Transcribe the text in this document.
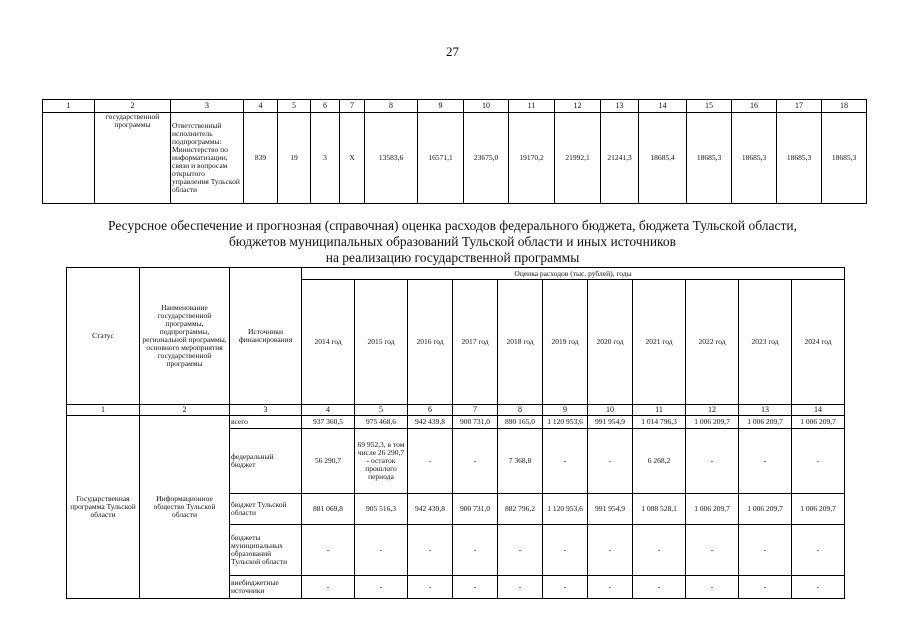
27
1	2	3	4	5	6	7	8	9	10	11	12	13	14	15	16	17	18
	государственной программы	Ответственный исполнитель подпрограммы: Министерство по информатизации, связи и вопросам открытого управления Тульской области	839	19	3	Х	13583,6	16571,1	23675,0	19170,2	21992,1	21241,3	18685,4	18685,3	18685,3	18685,3	18685,3
Ресурсное обеспечение и прогнозная (справочная) оценка расходов федерального бюджета, бюджета Тульской области,
бюджетов муниципальных образований Тульской области и иных источников
на реализацию государственной программы
Статус	Наименование государственной программы, подпрограммы, региональной программы, основного мероприятия государственной программы	Источники финансирования	Оценка расходов (тыс. рублей), годы										
			2014 год	2015 год	2016 год	2017 год	2018 год	2019 год	2020 год	2021 год	2022 год	2023 год	2024 год
1	2	3	4	5	6	7	8	9	10	11	12	13	14
Государственная программа Тульской области	Информационное общество Тульской области	всего	937 360,5	975 468,6	942 439,8	900 731,0	890 165,0	1 120 953,6	991 954,9	1 014 796,3	1 006 209,7	1 006 209,7	1 006 209,7
		федеральный бюджет	56 290,7	69 952,3, в том числе 26 290,7 - остаток прошлого периода	-	-	7 368,8	-	-	6 268,2	-	-	-
		бюджет Тульской области	881 069,8	905 516,3	942 439,8	900 731,0	882 796,2	1 120 953,6	991 954,9	1 008 528,1	1 006 209,7	1 006 209,7	1 006 209,7
		бюджеты муниципальных образований Тульской области	-	-	-	-	-	-	-	-	-	-	-
		внебюджетные источники	-	-	-	-	-	-	-	-	-	-	-
